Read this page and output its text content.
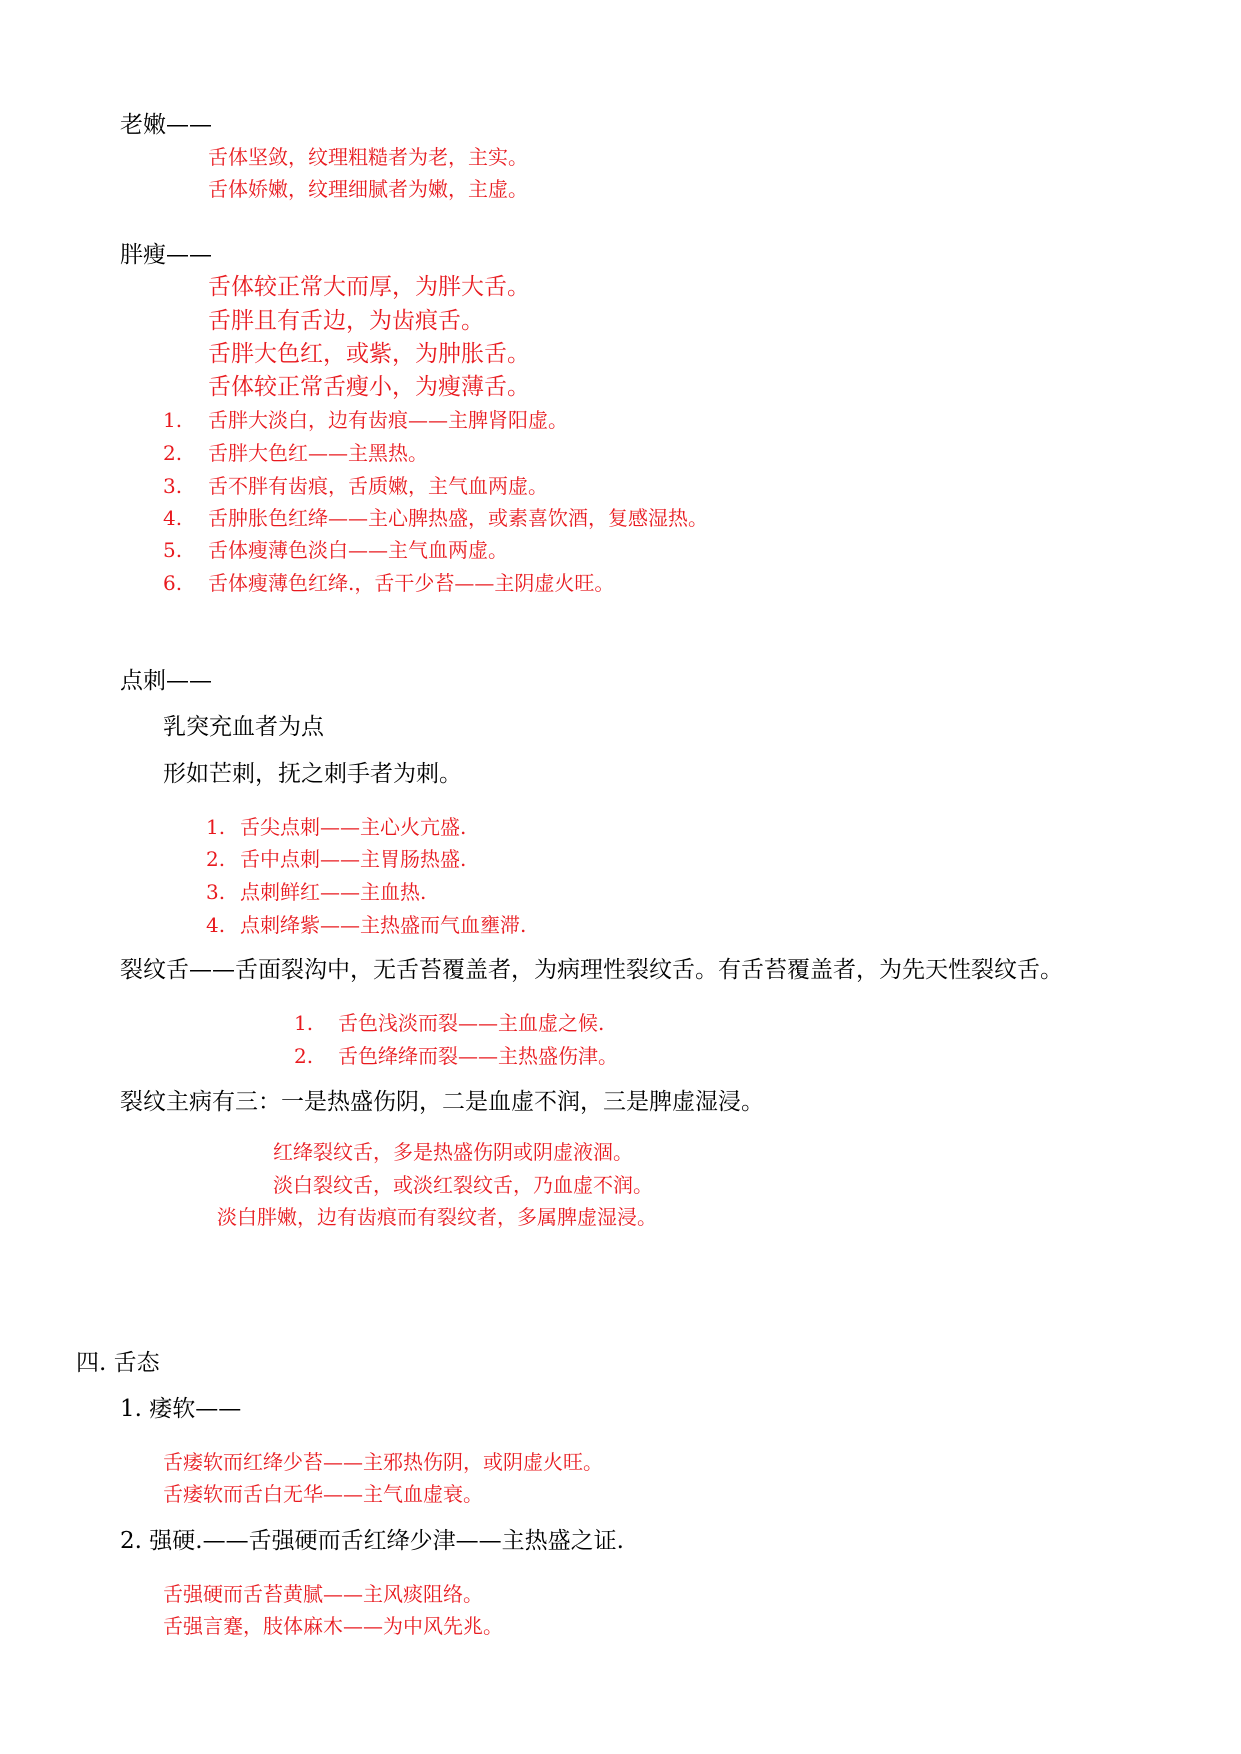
老嫩——
舌体坚敛，纹理粗糙者为老，主实。
舌体娇嫩，纹理细腻者为嫩，主虚。
胖瘦——
舌体较正常大而厚，为胖大舌。
舌胖且有舌边，为齿痕舌。
舌胖大色红，或紫，为肿胀舌。
舌体较正常舌瘦小，为瘦薄舌。
1. 舌胖大淡白，边有齿痕——主脾肾阳虚。
2. 舌胖大色红——主黑热。
3. 舌不胖有齿痕，舌质嫩，主气血两虚。
4. 舌肿胀色红绛——主心脾热盛，或素喜饮酒，复感湿热。
5. 舌体瘦薄色淡白——主气血两虚。
6. 舌体瘦薄色红绛.，舌干少苔——主阴虚火旺。
点刺——
乳突充血者为点
形如芒刺，抚之刺手者为刺。
1. 舌尖点刺——主心火亢盛.
2. 舌中点刺——主胃肠热盛.
3. 点刺鲜红——主血热.
4. 点刺绛紫——主热盛而气血壅滞.
裂纹舌——舌面裂沟中，无舌苔覆盖者，为病理性裂纹舌。有舌苔覆盖者，为先天性裂纹舌。
1. 舌色浅淡而裂——主血虚之候.
2. 舌色绛绛而裂——主热盛伤津。
裂纹主病有三：一是热盛伤阴，二是血虚不润，三是脾虚湿浸。
红绛裂纹舌，多是热盛伤阴或阴虚液涸。
淡白裂纹舌，或淡红裂纹舌，乃血虚不润。
淡白胖嫩，边有齿痕而有裂纹者，多属脾虚湿浸。
四. 舌态
1. 痿软——
舌痿软而红绛少苔——主邪热伤阴，或阴虚火旺。
舌痿软而舌白无华——主气血虚衰。
2. 强硬.——舌强硬而舌红绛少津——主热盛之证.
舌强硬而舌苔黄腻——主风痰阻络。
舌强言蹇，肢体麻木——为中风先兆。
